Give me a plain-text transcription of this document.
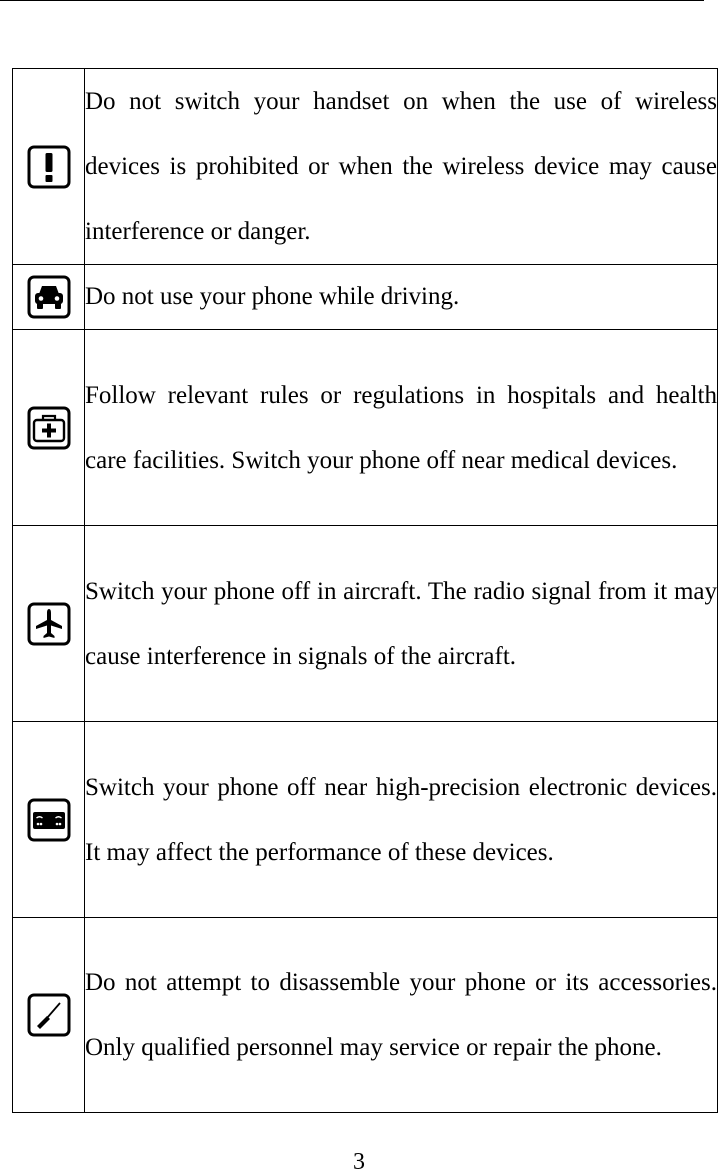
	Do not switch your handset on when the use of wireless devices is prohibited or when the wireless device may cause interference or danger.

	Do not use your phone while driving.

	Follow relevant rules or regulations in hospitals and health care facilities. Switch your phone off near medical devices.

	Switch your phone off in aircraft. The radio signal from it may cause interference in signals of the aircraft.

	Switch your phone off near high-precision electronic devices. It may affect the performance of these devices.

	Do not attempt to disassemble your phone or its accessories. Only qualified personnel may service or repair the phone.
3
